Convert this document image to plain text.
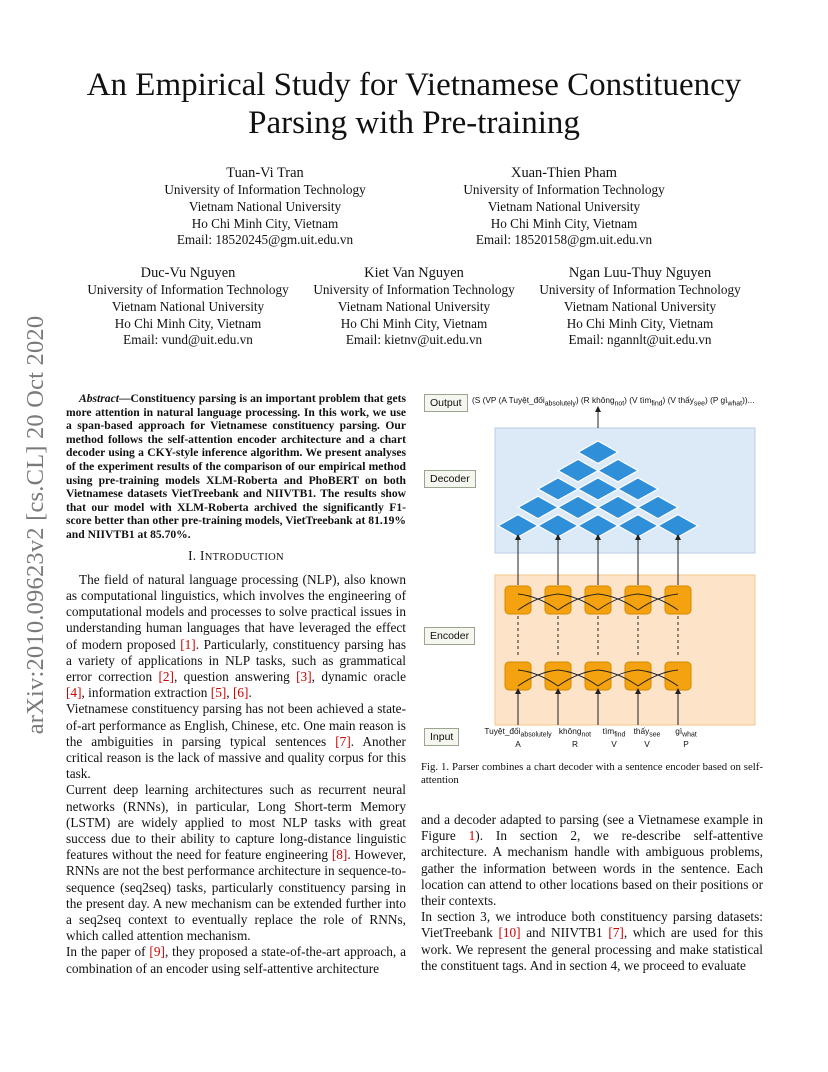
arXiv:2010.09623v2 [cs.CL] 20 Oct 2020
An Empirical Study for Vietnamese Constituency
Parsing with Pre-training
Tuan-Vi Tran
University of Information Technology
Vietnam National University
Ho Chi Minh City, Vietnam
Email: 18520245@gm.uit.edu.vn
Xuan-Thien Pham
University of Information Technology
Vietnam National University
Ho Chi Minh City, Vietnam
Email: 18520158@gm.uit.edu.vn
Duc-Vu Nguyen
University of Information Technology
Vietnam National University
Ho Chi Minh City, Vietnam
Email: vund@uit.edu.vn
Kiet Van Nguyen
University of Information Technology
Vietnam National University
Ho Chi Minh City, Vietnam
Email: kietnv@uit.edu.vn
Ngan Luu-Thuy Nguyen
University of Information Technology
Vietnam National University
Ho Chi Minh City, Vietnam
Email: ngannlt@uit.edu.vn

Abstract—Constituency parsing is an important problem that gets more attention in natural language processing. In this work, we use a span-based approach for Vietnamese constituency parsing. Our method follows the self-attention encoder architecture and a chart decoder using a CKY-style inference algorithm. We present analyses of the experiment results of the comparison of our empirical method using pre-training models XLM-Roberta and PhoBERT on both Vietnamese datasets VietTreebank and NIIVTB1. The results show that our model with XLM-Roberta archived the significantly F1-score better than other pre-training models, VietTreebank at 81.19% and NIIVTB1 at 85.70%.

I. INTRODUCTION

The field of natural language processing (NLP), also known as computational linguistics, which involves the engineering of computational models and processes to solve practical issues in understanding human languages that have leveraged the effect of modern proposed [1]. Particularly, constituency parsing has a variety of applications in NLP tasks, such as grammatical error correction [2], question answering [3], dynamic oracle [4], information extraction [5], [6].

Vietnamese constituency parsing has not been achieved a state-of-art performance as English, Chinese, etc. One main reason is the ambiguities in parsing typical sentences [7]. Another critical reason is the lack of massive and quality corpus for this task.

Current deep learning architectures such as recurrent neural networks (RNNs), in particular, Long Short-term Memory (LSTM) are widely applied to most NLP tasks with great success due to their ability to capture long-distance linguistic features without the need for feature engineering [8]. However, RNNs are not the best performance architecture in sequence-to-sequence (seq2seq) tasks, particularly constituency parsing in the present day. A new mechanism can be extended further into a seq2seq context to eventually replace the role of RNNs, which called attention mechanism.

In the paper of [9], they proposed a state-of-the-art approach, a combination of an encoder using self-attentive architecture

Output
Decoder
Encoder
Input
(S (VP (A Tuyệt_đối$_{absolutely}$) (R không$_{not}$) (V tìm$_{find}$) (V thấy$_{see}$) (P $gì_{what}$))...
Tuyệt_đối$_{absolutely}$
A
không$_{not}$
R
tìm$_{find}$
V
thấy$_{see}$
V
$gì_{what}$
P
Fig. 1. Parser combines a chart decoder with a sentence encoder based on self-attention

and a decoder adapted to parsing (see a Vietnamese example in Figure 1). In section 2, we re-describe self-attentive architecture. A mechanism handle with ambiguous problems, gather the information between words in the sentence. Each location can attend to other locations based on their positions or their contexts.

In section 3, we introduce both constituency parsing datasets: VietTreebank [10] and NIIVTB1 [7], which are used for this work. We represent the general processing and make statistical the constituent tags. And in section 4, we proceed to evaluate
